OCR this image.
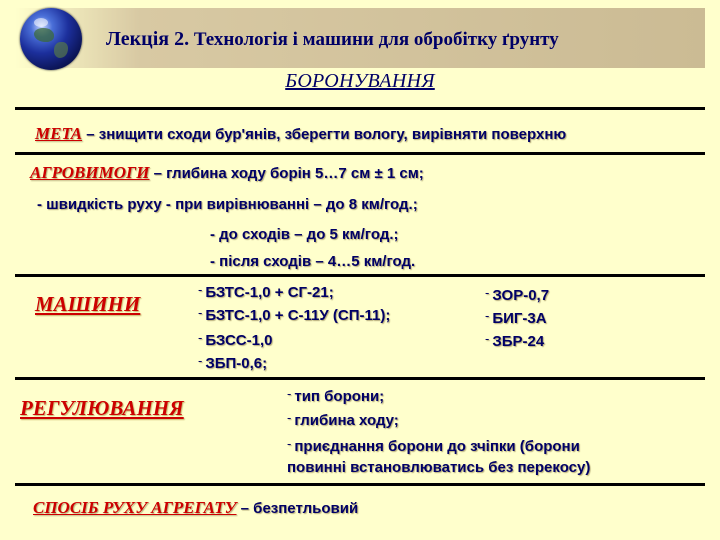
Лекція 2. Технологія і машини для обробітку ґрунту
БОРОНУВАННЯ
МЕТА – знищити сходи бур'янів, зберегти вологу, вирівняти поверхню
АГРОВИМОГИ – глибина ходу борін 5…7 см ± 1 см;
- швидкість руху - при вирівнюванні – до 8 км/год.;
- до сходів – до 5 км/год.;
- після сходів – 4…5 км/год.
МАШИНИ
- БЗТС-1,0 + СГ-21;
- БЗТС-1,0 + С-11У (СП-11);
- БЗСС-1,0
- ЗБП-0,6;
- ЗОР-0,7
- БИГ-3А
- ЗБР-24
РЕГУЛЮВАННЯ
- тип борони;
- глибина ходу;
- приєднання борони до зчіпки (борони
повинні встановлюватись без перекосу)
СПОСІБ РУХУ АГРЕГАТУ – безпетльовий
